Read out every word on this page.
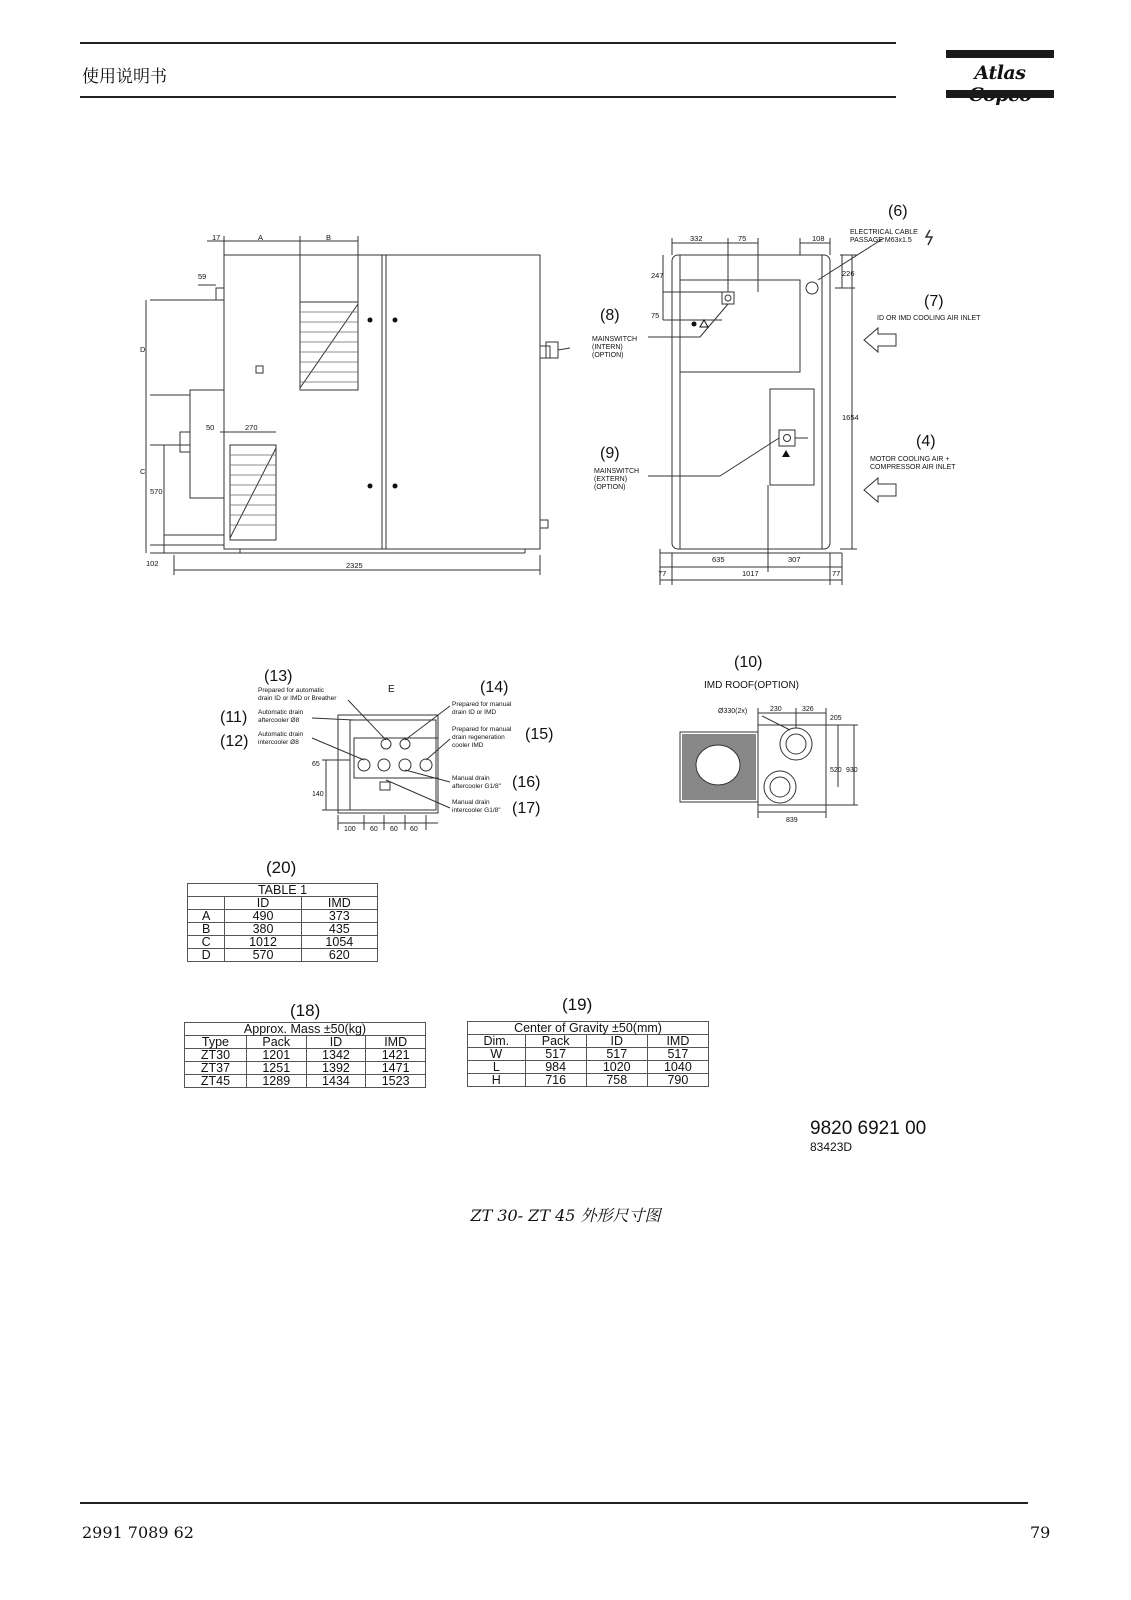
使用说明书	Atlas
17	A	B
59
D
C
570
102
50	270
2325
332	75	108
247
75
226
1654
635	307
77	1017	77
(6)
ELECTRICAL CABLE
PASSAGE M63x1.5
(7)
ID OR IMD COOLING AIR INLET
(8)
MAINSWITCH
(INTERN)
(OPTION)
(9)
MAINSWITCH
(EXTERN)
(OPTION)
(4)
MOTOR COOLING AIR +
COMPRESSOR AIR INLET
(13)
Prepared for automatic
drain ID or IMD or Breather
E	(14)
Prepared for manual
drain ID or IMD
(11) Automatic drain
aftercooler Ø8
(12) Automatic drain
intercooler Ø8	(15)
Prepared for manual
drain regeneration
cooler IMD
(16)
Manual drain
aftercooler G1/8"
(17)
Manual drain
intercooler G1/8"
65
140
100 60 60 60
(10)
IMD ROOF(OPTION)
Ø330(2x)	230	326
205
520 930
839
(20)
TABLE 1		
	ID	IMD
A	490	373
B	380	435
C	1012	1054
D	570	620
(18)
Approx. Mass ±50(kg)			
Type	Pack	ID	IMD
ZT30	1201	1342	1421
ZT37	1251	1392	1471
ZT45	1289	1434	1523
(19)
Center of Gravity ±50(mm)			
Dim.	Pack	ID	IMD
W	517	517	517
L	984	1020	1040
H	716	758	790
9820 6921 00
83423D
ZT 30- ZT 45 外形尺寸图
2991 7089 62	79
